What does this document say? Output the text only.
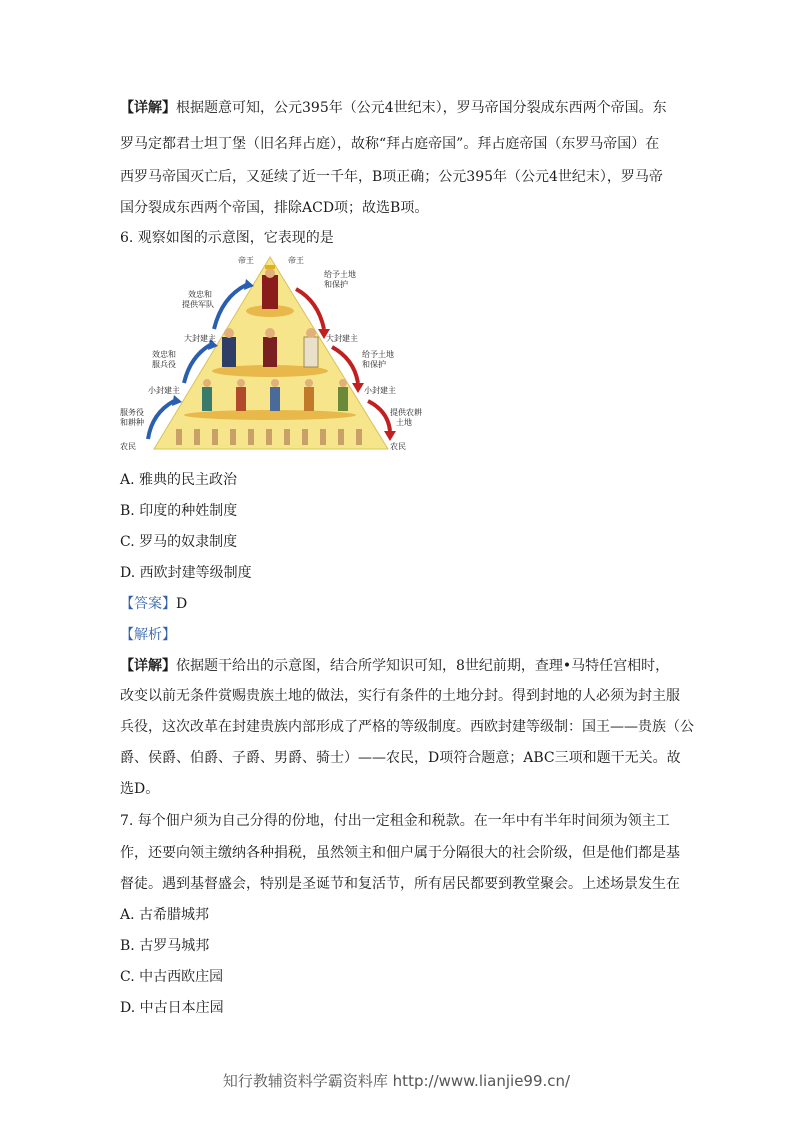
【详解】根据题意可知，公元395年（公元4世纪末），罗马帝国分裂成东西两个帝国。东
罗马定都君士坦丁堡（旧名拜占庭），故称“拜占庭帝国”。拜占庭帝国（东罗马帝国）在
西罗马帝国灭亡后，又延续了近一千年，B项正确；公元395年（公元4世纪末），罗马帝
国分裂成东西两个帝国，排除ACD项；故选B项。
6. 观察如图的示意图，它表现的是
帝王
效忠和
提供军队
大封建主
效忠和
服兵役
小封建主
服务役
和耕种
农民
帝王
给予土地
和保护
大封建主
给予土地
和保护
小封建主
提供农耕
土地
农民
A. 雅典的民主政治
B. 印度的种姓制度
C. 罗马的奴隶制度
D. 西欧封建等级制度
【答案】D
【解析】
【详解】依据题干给出的示意图，结合所学知识可知，8世纪前期，查理•马特任宫相时，
改变以前无条件赏赐贵族土地的做法，实行有条件的土地分封。得到封地的人必须为封主服
兵役，这次改革在封建贵族内部形成了严格的等级制度。西欧封建等级制：国王——贵族（公
爵、侯爵、伯爵、子爵、男爵、骑士）——农民，D项符合题意；ABC三项和题干无关。故
选D。
7. 每个佃户须为自己分得的份地，付出一定租金和税款。在一年中有半年时间须为领主工
作，还要向领主缴纳各种捐税，虽然领主和佃户属于分隔很大的社会阶级，但是他们都是基
督徒。遇到基督盛会，特别是圣诞节和复活节，所有居民都要到教堂聚会。上述场景发生在
A. 古希腊城邦
B. 古罗马城邦
C. 中古西欧庄园
D. 中古日本庄园
知行教辅资料学霸资料库 http://www.lianjie99.cn/
